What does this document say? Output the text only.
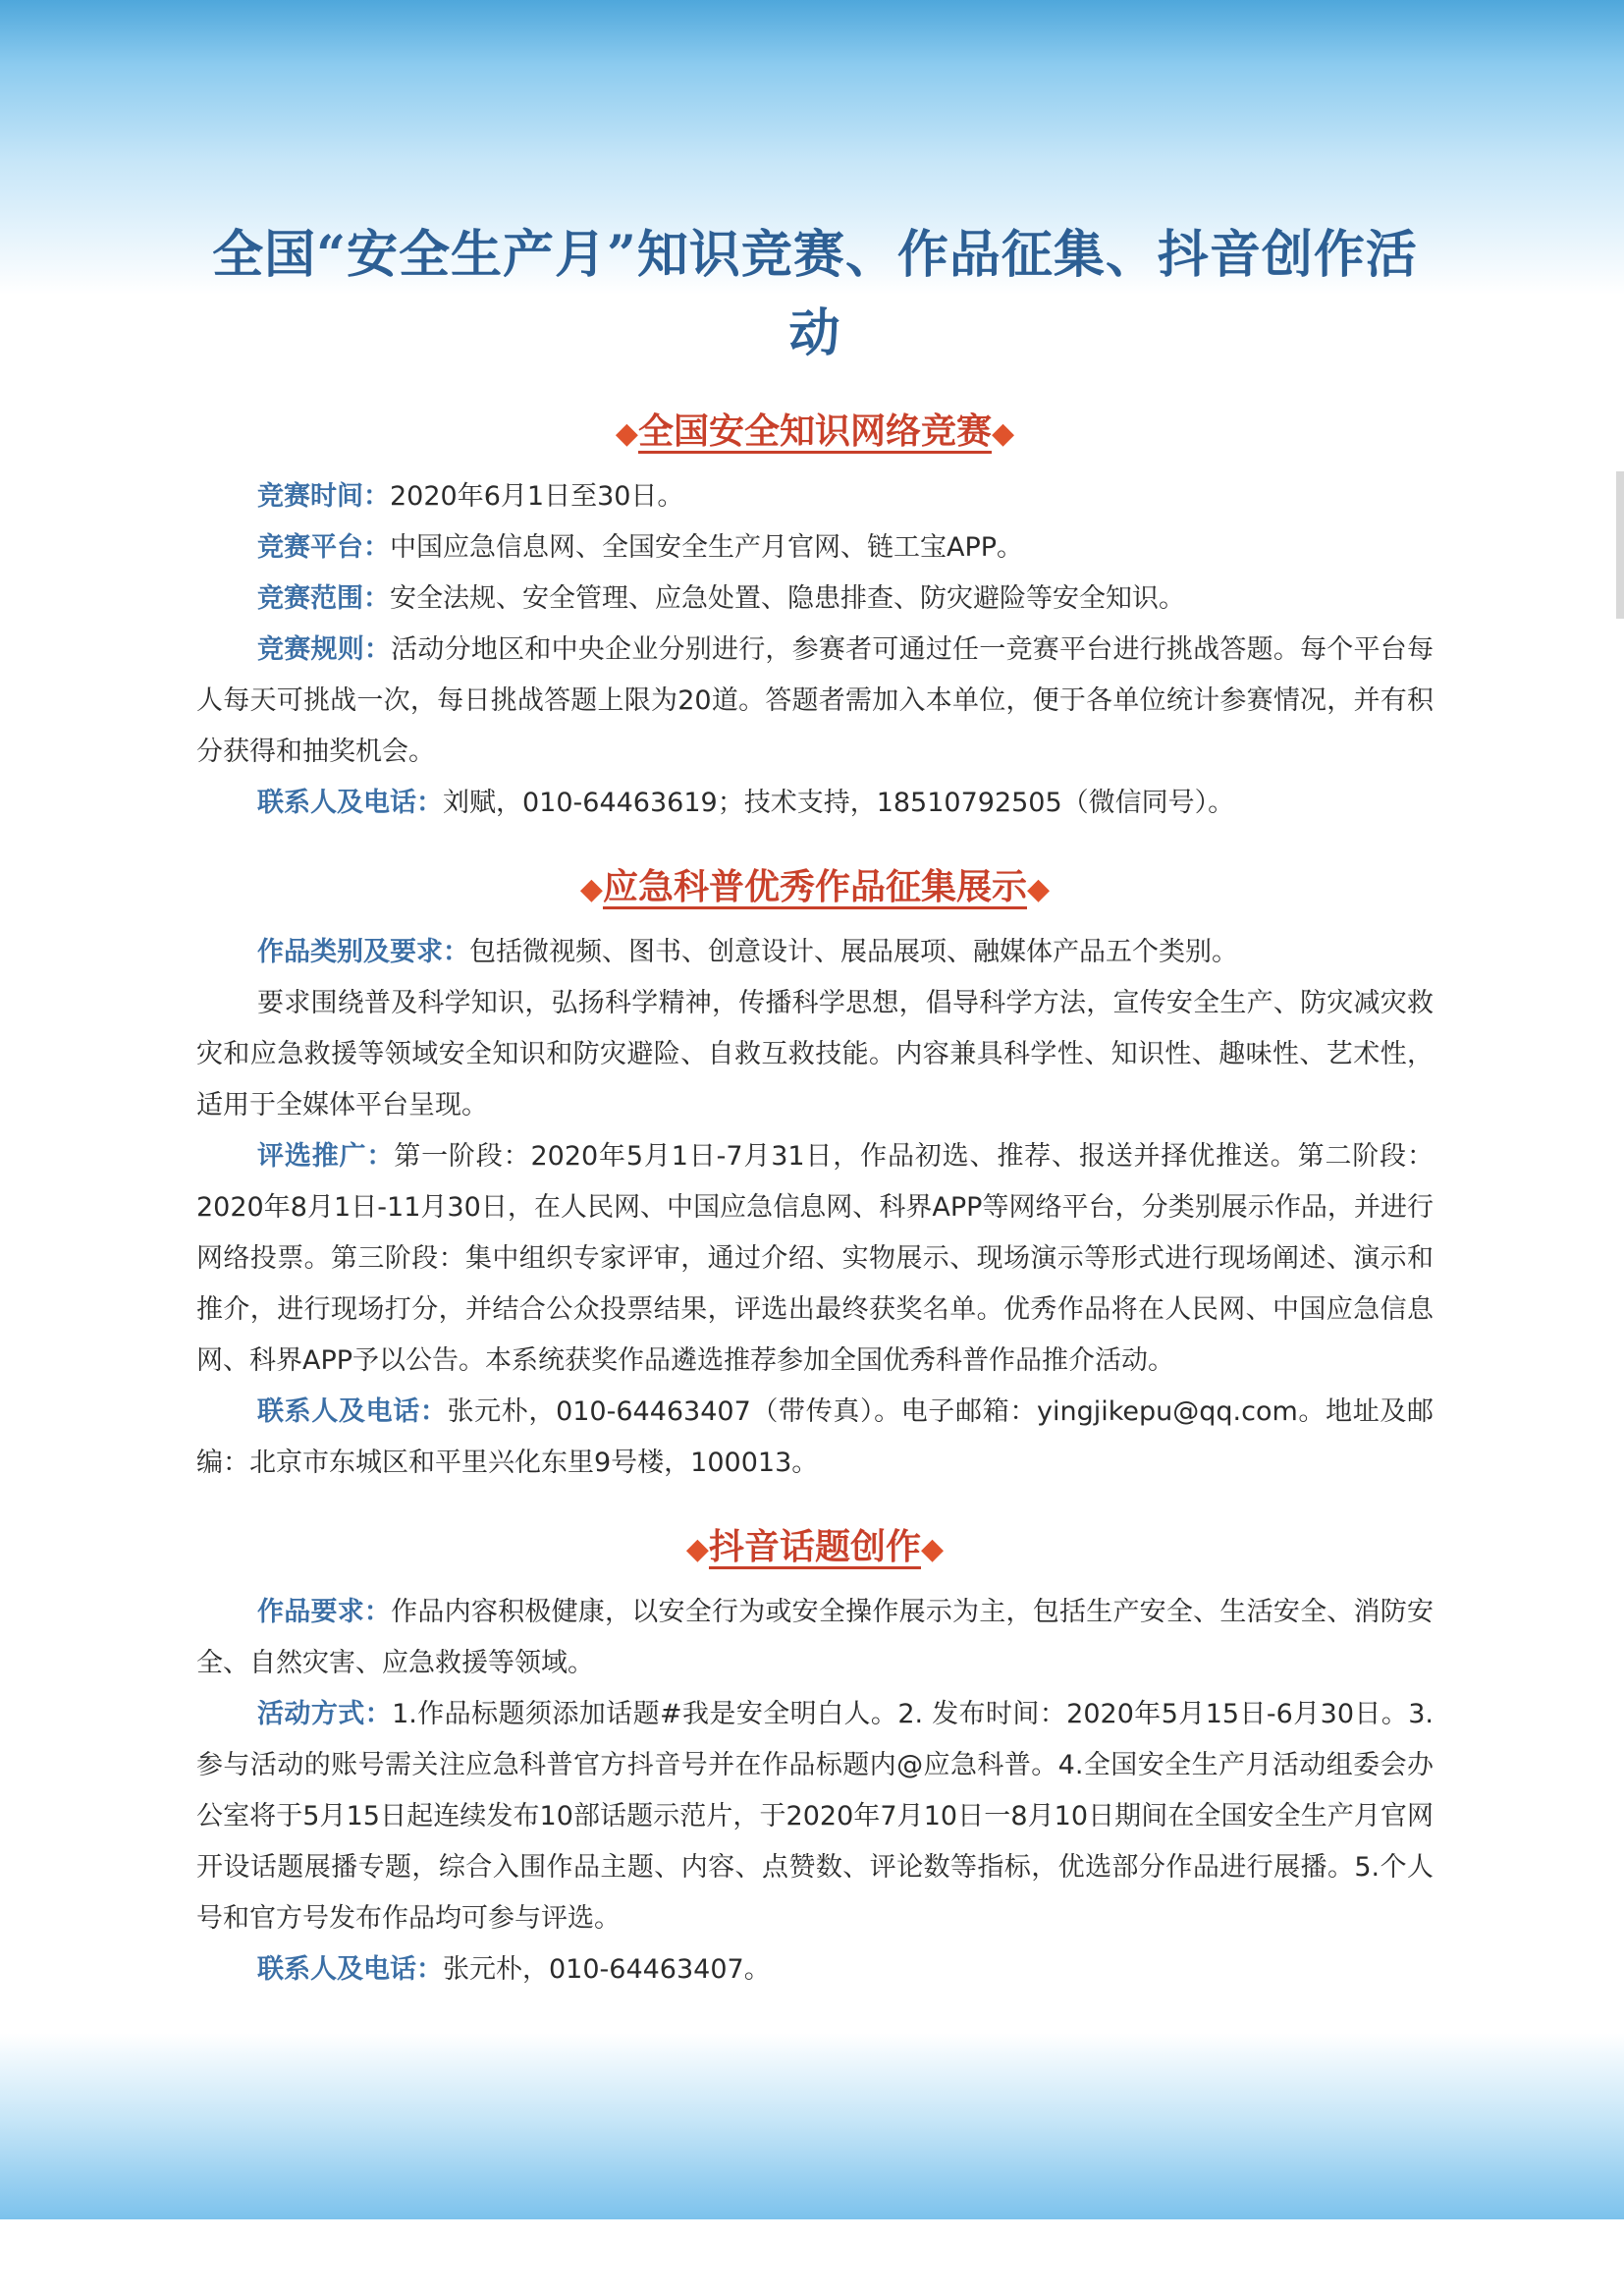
全国“安全生产月”知识竞赛、作品征集、抖音创作活动
◆全国安全知识网络竞赛◆

竞赛时间：2020年6月1日至30日。

竞赛平台：中国应急信息网、全国安全生产月官网、链工宝APP。

竞赛范围：安全法规、安全管理、应急处置、隐患排查、防灾避险等安全知识。

竞赛规则：活动分地区和中央企业分别进行，参赛者可通过任一竞赛平台进行挑战答题。每个平台每人每天可挑战一次，每日挑战答题上限为20道。答题者需加入本单位，便于各单位统计参赛情况，并有积分获得和抽奖机会。

联系人及电话：刘赋，010-64463619；技术支持，18510792505（微信同号）。

◆应急科普优秀作品征集展示◆

作品类别及要求：包括微视频、图书、创意设计、展品展项、融媒体产品五个类别。

要求围绕普及科学知识，弘扬科学精神，传播科学思想，倡导科学方法，宣传安全生产、防灾减灾救灾和应急救援等领域安全知识和防灾避险、自救互救技能。内容兼具科学性、知识性、趣味性、艺术性，适用于全媒体平台呈现。

评选推广：第一阶段：2020年5月1日-7月31日，作品初选、推荐、报送并择优推送。第二阶段：2020年8月1日-11月30日，在人民网、中国应急信息网、科界APP等网络平台，分类别展示作品，并进行网络投票。第三阶段：集中组织专家评审，通过介绍、实物展示、现场演示等形式进行现场阐述、演示和推介，进行现场打分，并结合公众投票结果，评选出最终获奖名单。优秀作品将在人民网、中国应急信息网、科界APP予以公告。本系统获奖作品遴选推荐参加全国优秀科普作品推介活动。

联系人及电话：张元朴，010-64463407（带传真）。电子邮箱：yingjikepu@qq.com。地址及邮编：北京市东城区和平里兴化东里9号楼，100013。

◆抖音话题创作◆

作品要求：作品内容积极健康，以安全行为或安全操作展示为主，包括生产安全、生活安全、消防安全、自然灾害、应急救援等领域。

活动方式：1.作品标题须添加话题#我是安全明白人。2. 发布时间：2020年5月15日-6月30日。3. 参与活动的账号需关注应急科普官方抖音号并在作品标题内@应急科普。4.全国安全生产月活动组委会办公室将于5月15日起连续发布10部话题示范片，于2020年7月10日一8月10日期间在全国安全生产月官网开设话题展播专题，综合入围作品主题、内容、点赞数、评论数等指标，优选部分作品进行展播。5.个人号和官方号发布作品均可参与评选。

联系人及电话：张元朴，010-64463407。
